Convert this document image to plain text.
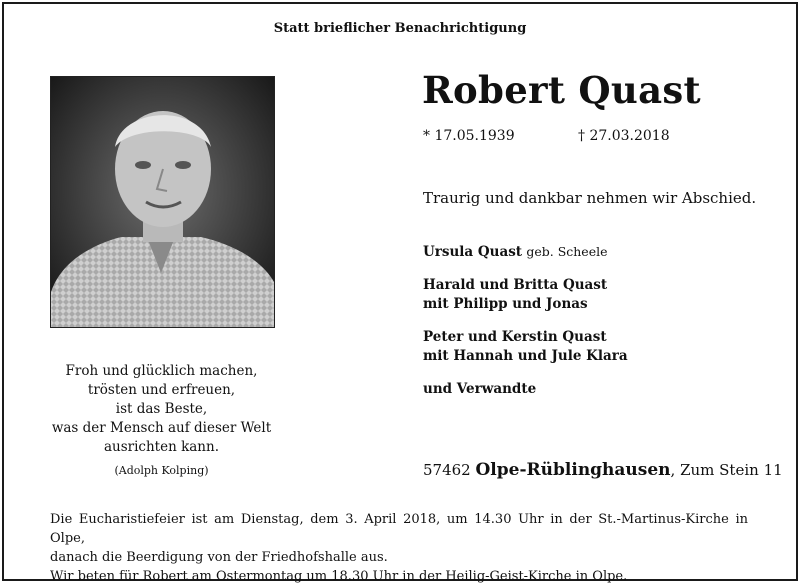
Statt brieflicher Benachrichtigung
Froh und glücklich machen,
trösten und erfreuen,
ist das Beste,
was der Mensch auf dieser Welt
ausrichten kann.
(Adolph Kolping)
Robert Quast
* 17.05.1939	† 27.03.2018
Traurig und dankbar nehmen wir Abschied.
Ursula Quast geb. Scheele
Harald und Britta Quast
mit Philipp und Jonas
Peter und Kerstin Quast
mit Hannah und Jule Klara
und Verwandte
57462 Olpe-Rüblinghausen, Zum Stein 11
Die Eucharistiefeier ist am Dienstag, dem 3. April 2018, um 14.30 Uhr in der St.-Martinus-Kirche in Olpe,
danach die Beerdigung von der Friedhofshalle aus.
Wir beten für Robert am Ostermontag um 18.30 Uhr in der Heilig-Geist-Kirche in Olpe.
